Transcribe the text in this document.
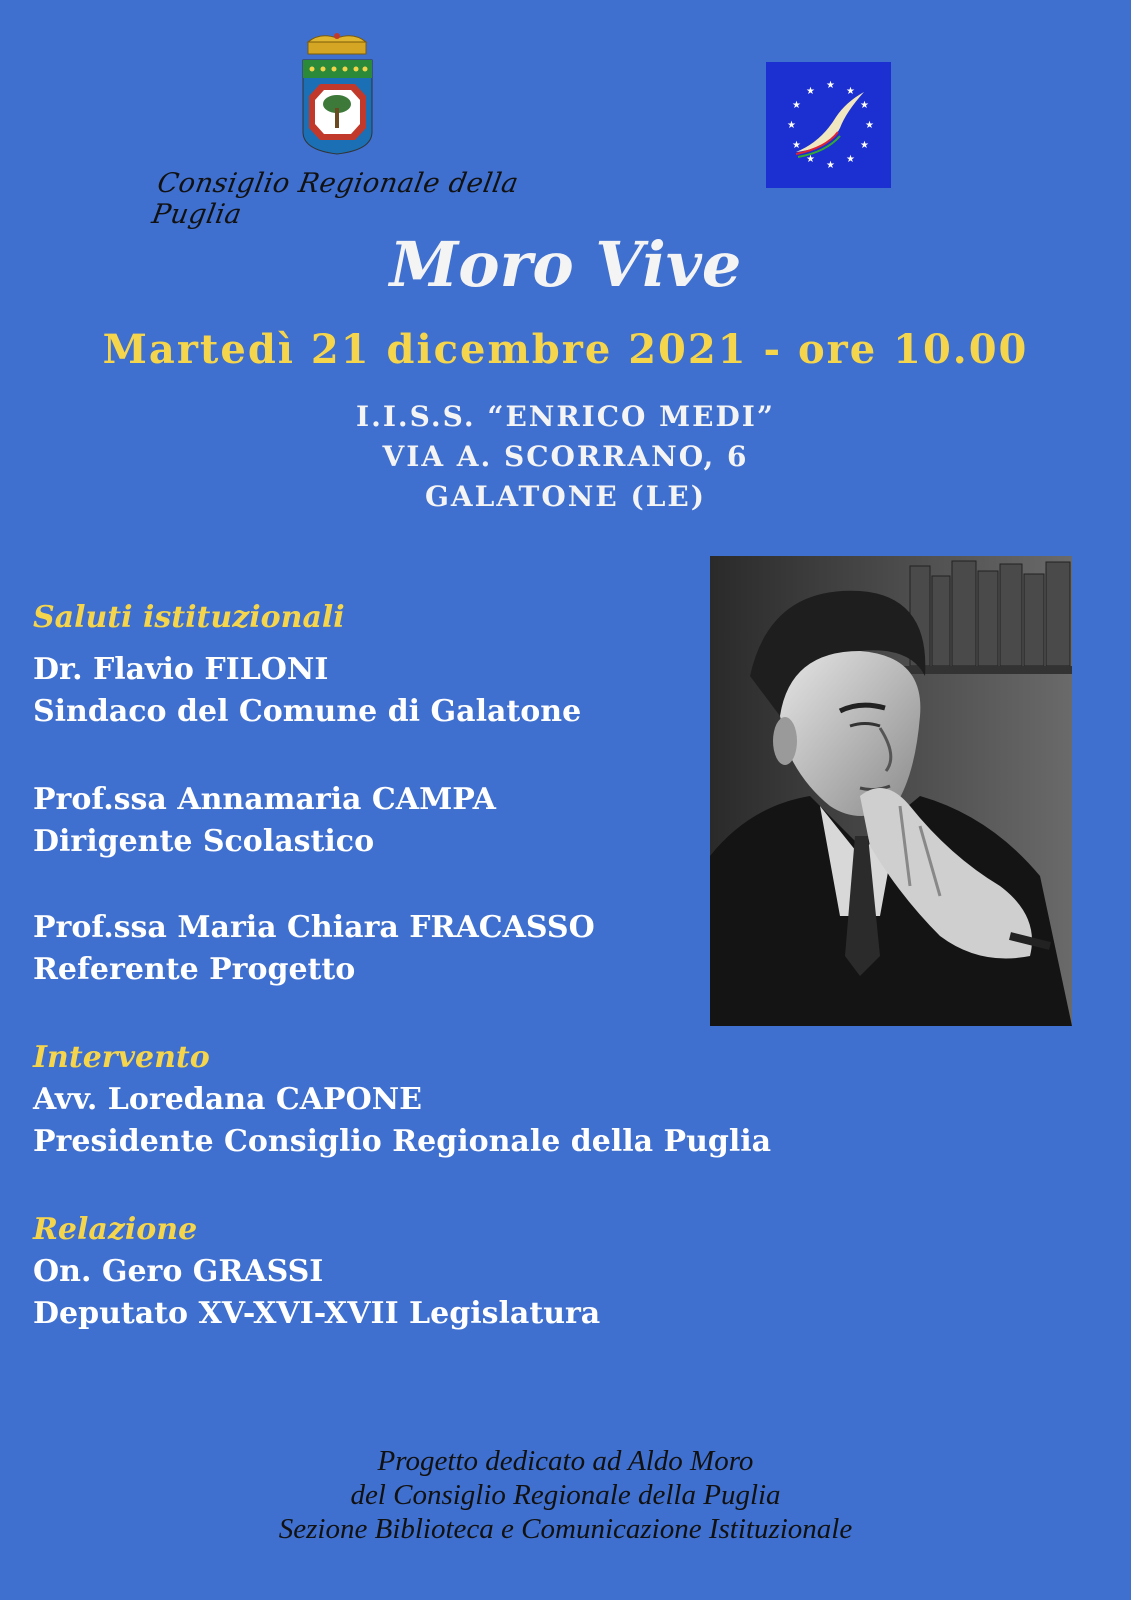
Consiglio Regionale della Puglia
★
★
★
★
★
★
★
★
★
★
★
★
Moro Vive
Martedì 21 dicembre 2021 - ore 10.00
I.I.S.S. “ENRICO MEDI”
VIA A. SCORRANO, 6
GALATONE (LE)
Saluti istituzionali
Dr. Flavio FILONI
Sindaco del Comune di Galatone
Prof.ssa Annamaria CAMPA
Dirigente Scolastico
Prof.ssa Maria Chiara FRACASSO
Referente Progetto
Intervento
Avv. Loredana CAPONE
Presidente Consiglio Regionale della Puglia
Relazione
On. Gero GRASSI
Deputato XV-XVI-XVII Legislatura
Progetto dedicato ad Aldo Moro
del Consiglio Regionale della Puglia
Sezione Biblioteca e Comunicazione Istituzionale
